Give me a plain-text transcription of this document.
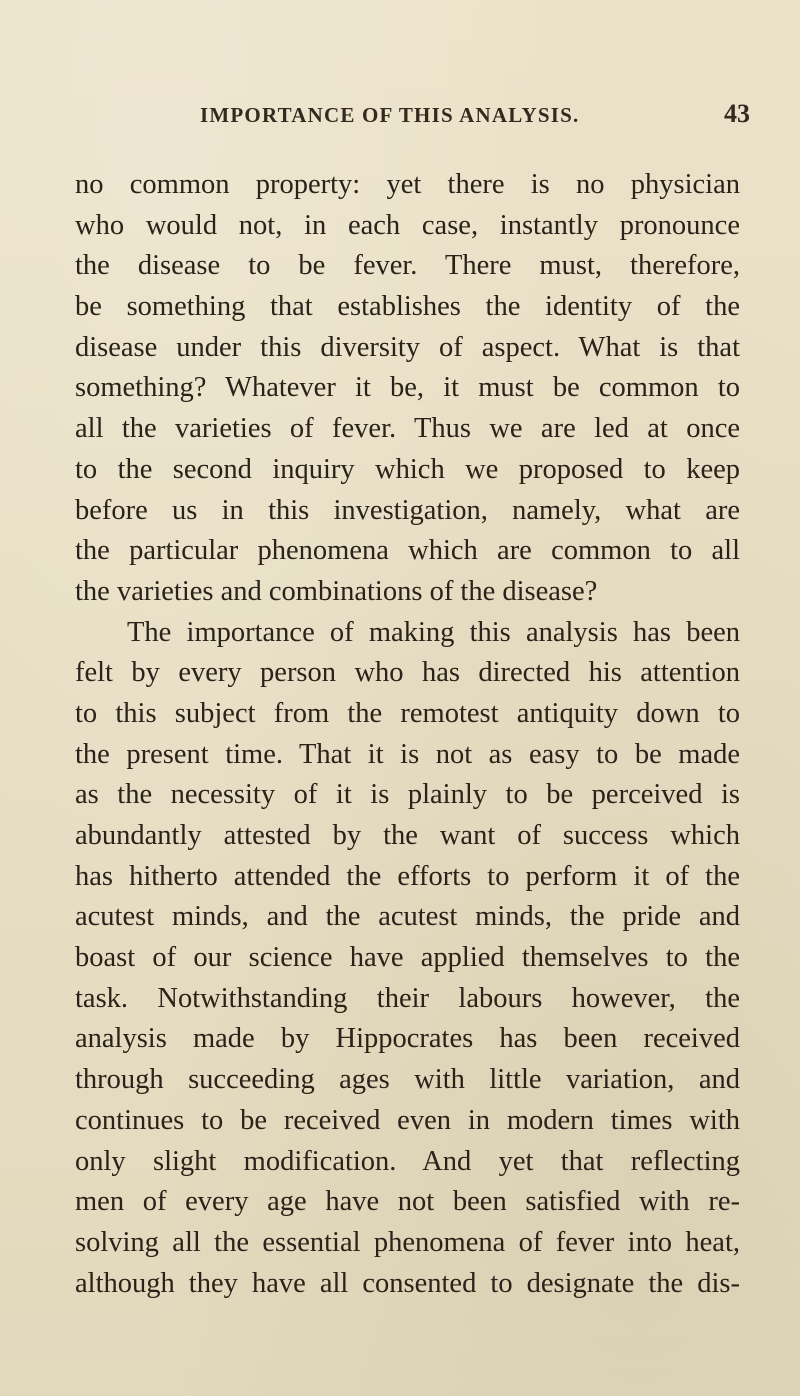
IMPORTANCE OF THIS ANALYSIS.	43
no common property: yet there is no physician
who would not, in each case, instantly pronounce
the disease to be fever. There must, therefore,
be something that establishes the identity of the
disease under this diversity of aspect. What is that
something? Whatever it be, it must be common to
all the varieties of fever. Thus we are led at once
to the second inquiry which we proposed to keep
before us in this investigation, namely, what are
the particular phenomena which are common to all
the varieties and combinations of the disease?
The importance of making this analysis has been
felt by every person who has directed his attention
to this subject from the remotest antiquity down to
the present time. That it is not as easy to be made
as the necessity of it is plainly to be perceived is
abundantly attested by the want of success which
has hitherto attended the efforts to perform it of the
acutest minds, and the acutest minds, the pride and
boast of our science have applied themselves to the
task. Notwithstanding their labours however, the
analysis made by Hippocrates has been received
through succeeding ages with little variation, and
continues to be received even in modern times with
only slight modification. And yet that reflecting
men of every age have not been satisfied with re-
solving all the essential phenomena of fever into heat,
although they have all consented to designate the dis-
